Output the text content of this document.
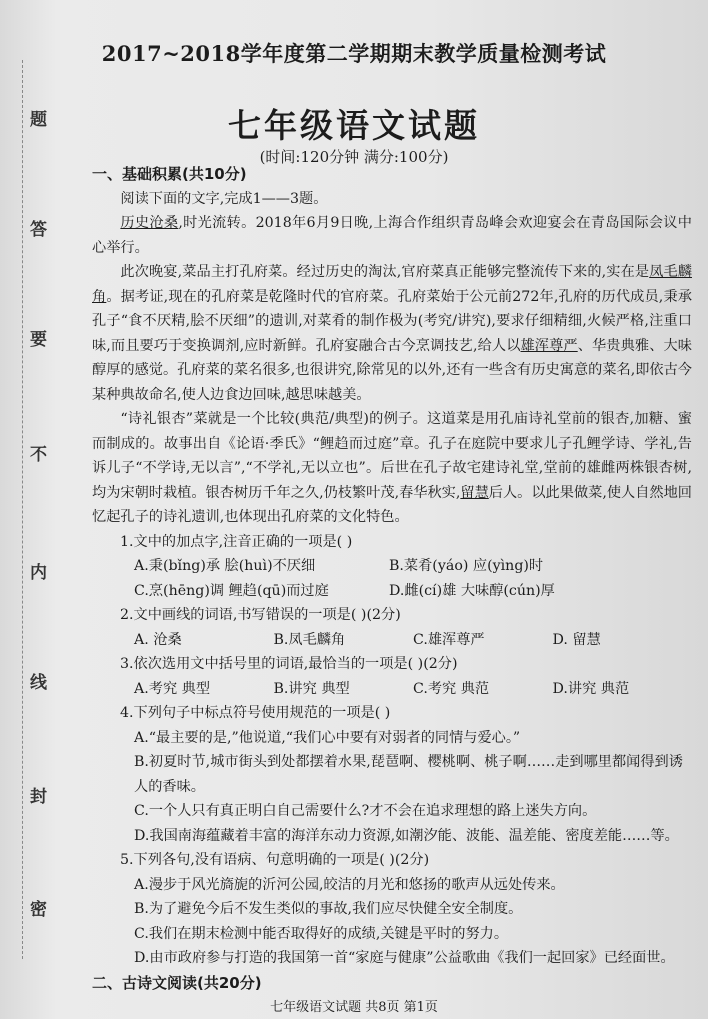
题
答
要
不
内
线
封
密
2017~2018学年度第二学期期末教学质量检测考试
七年级语文试题
(时间:120分钟 满分:100分)
一、基础积累(共10分)

阅读下面的文字,完成1——3题。

历史沧桑,时光流转。2018年6月9日晚,上海合作组织青岛峰会欢迎宴会在青岛国际会议中心举行。

此次晚宴,菜品主打孔府菜。经过历史的淘汰,官府菜真正能够完整流传下来的,实在是凤毛麟角。据考证,现在的孔府菜是乾隆时代的官府菜。孔府菜始于公元前272年,孔府的历代成员,秉承孔子“食不厌精,脍不厌细”的遗训,对菜肴的制作极为(考究/讲究),要求仔细精细,火候严格,注重口味,而且要巧于变换调剂,应时新鲜。孔府宴融合古今烹调技艺,给人以雄浑尊严、华贵典雅、大味醇厚的感觉。孔府菜的菜名很多,也很讲究,除常见的以外,还有一些含有历史寓意的菜名,即依古今某种典故命名,使人边食边回味,越思味越美。

“诗礼银杏”菜就是一个比较(典范/典型)的例子。这道菜是用孔庙诗礼堂前的银杏,加糖、蜜而制成的。故事出自《论语·季氏》“鲤趋而过庭”章。孔子在庭院中要求儿子孔鲤学诗、学礼,告诉儿子“不学诗,无以言”,“不学礼,无以立也”。后世在孔子故宅建诗礼堂,堂前的雄雌两株银杏树,均为宋朝时栽植。银杏树历千年之久,仍枝繁叶茂,春华秋实,留慧后人。以此果做菜,使人自然地回忆起孔子的诗礼遗训,也体现出孔府菜的文化特色。

1.文中的加点字,注音正确的一项是( )

A.秉(bǐng)承 脍(huì)不厌细	B.菜肴(yáo) 应(yìng)时
C.烹(hēng)调 鲤趋(qū)而过庭	D.雌(cí)雄 大味醇(cún)厚

2.文中画线的词语,书写错误的一项是( )(2分)

A. 沧桑	B.凤毛麟角	C.雄浑尊严	D. 留慧

3.依次选用文中括号里的词语,最恰当的一项是( )(2分)

A.考究 典型	B.讲究 典型	C.考究 典范	D.讲究 典范

4.下列句子中标点符号使用规范的一项是( )

A.“最主要的是,”他说道,“我们心中要有对弱者的同情与爱心。”

B.初夏时节,城市街头到处都摆着水果,琵琶啊、樱桃啊、桃子啊……走到哪里都闻得到诱人的香味。

C.一个人只有真正明白自己需要什么?才不会在追求理想的路上迷失方向。

D.我国南海蕴藏着丰富的海洋东动力资源,如潮汐能、波能、温差能、密度差能……等。

5.下列各句,没有语病、句意明确的一项是( )(2分)

A.漫步于风光旖旎的沂河公园,皎洁的月光和悠扬的歌声从远处传来。

B.为了避免今后不发生类似的事故,我们应尽快健全安全制度。

C.我们在期末检测中能否取得好的成绩,关键是平时的努力。

D.由市政府参与打造的我国第一首“家庭与健康”公益歌曲《我们一起回家》已经面世。

二、古诗文阅读(共20分)
七年级语文试题 共8页 第1页
